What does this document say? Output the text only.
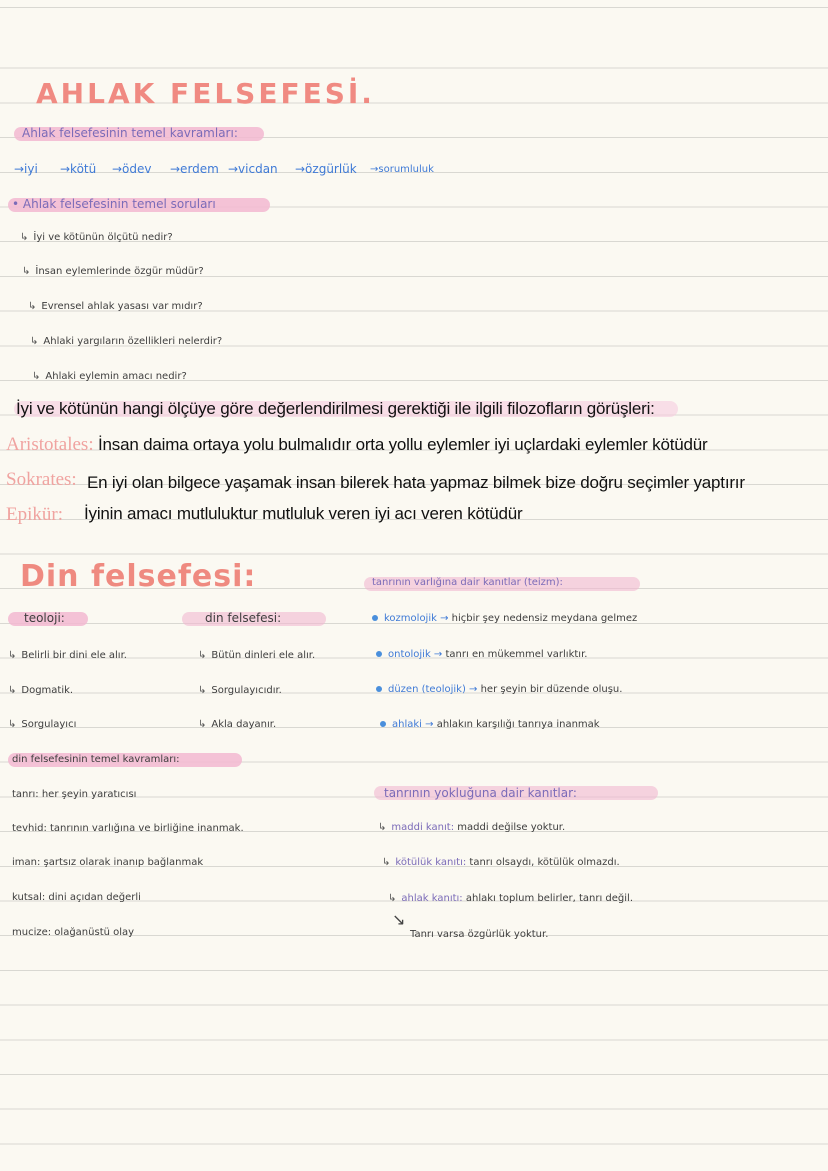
AHLAK FELSEFESİ.
Ahlak felsefesinin temel kavramları:
→iyi →kötü →ödev →erdem →vicdan →özgürlük →sorumluluk
• Ahlak felsefesinin temel soruları
↳ İyi ve kötünün ölçütü nedir?
↳ İnsan eylemlerinde özgür müdür?
↳ Evrensel ahlak yasası var mıdır?
↳ Ahlaki yargıların özellikleri nelerdir?
↳ Ahlaki eylemin amacı nedir?
İyi ve kötünün hangi ölçüye göre değerlendirilmesi gerektiği ile ilgili filozofların görüşleri:
Aristotales: İnsan daima ortaya yolu bulmalıdır orta yollu eylemler iyi uçlardaki eylemler kötüdür
Sokrates: En iyi olan bilgece yaşamak insan bilerek hata yapmaz bilmek bize doğru seçimler yaptırır
Epikür: İyinin amacı mutluluktur mutluluk veren iyi acı veren kötüdür
Din felsefesi:
teoloji:
↳ Belirli bir dini ele alır.
↳ Dogmatik.
↳ Sorgulayıcı
din felsefesi:
↳ Bütün dinleri ele alır.
↳ Sorgulayıcıdır.
↳ Akla dayanır.
din felsefesinin temel kavramları:
tanrı: her şeyin yaratıcısı
tevhid: tanrının varlığına ve birliğine inanmak.
iman: şartsız olarak inanıp bağlanmak
kutsal: dini açıdan değerli
mucize: olağanüstü olay
tanrının varlığına dair kanıtlar (teizm):
kozmolojik → hiçbir şey nedensiz meydana gelmez
ontolojik → tanrı en mükemmel varlıktır.
düzen (teolojik) → her şeyin bir düzende oluşu.
ahlaki → ahlakın karşılığı tanrıya inanmak
tanrının yokluğuna dair kanıtlar:
↳ maddi kanıt: maddi değilse yoktur.
↳ kötülük kanıtı: tanrı olsaydı, kötülük olmazdı.
↳ ahlak kanıtı: ahlakı toplum belirler, tanrı değil.
↘
Tanrı varsa özgürlük yoktur.
